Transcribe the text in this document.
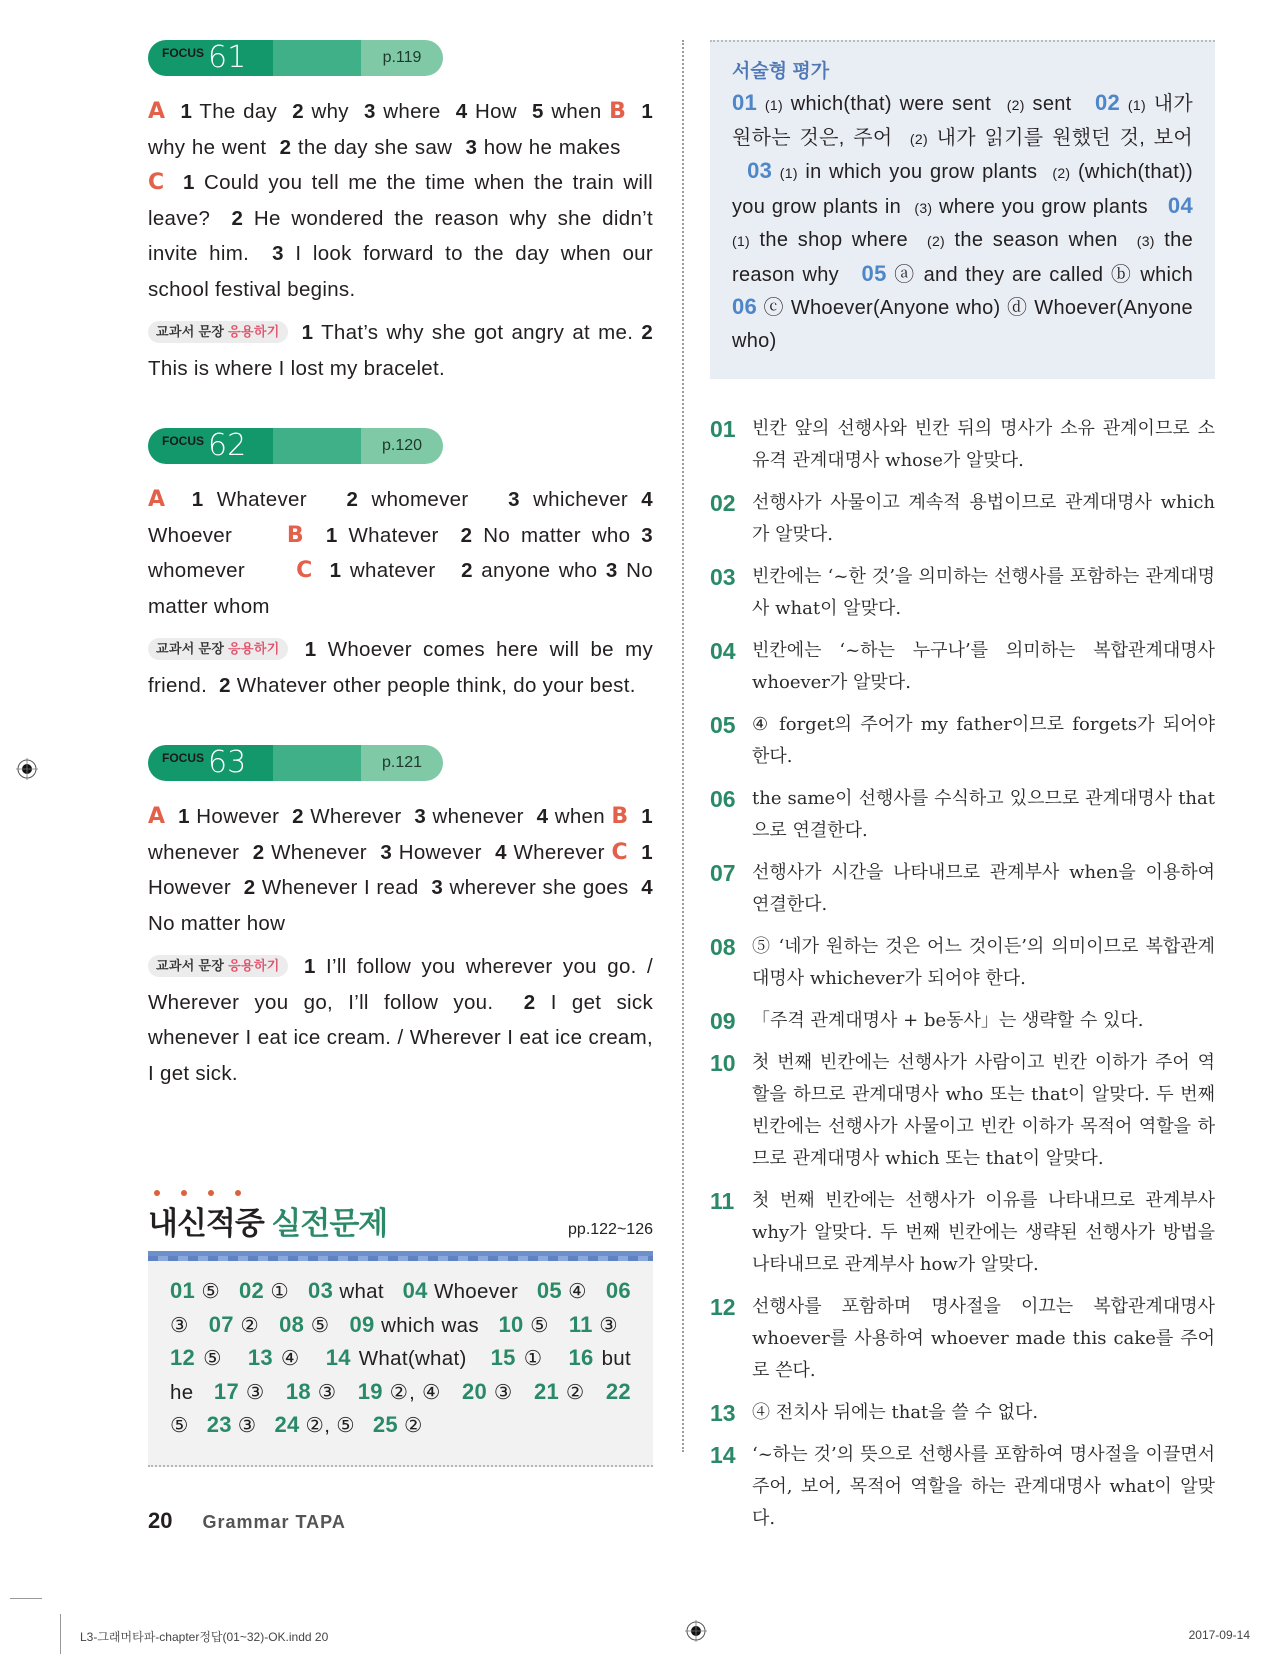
FOCUS 61	p.119
A 1 The day  2 why  3 where  4 How  5 when B 1 why he went  2 the day she saw  3 how he makes      C 1 Could you tell me the time when the train will leave?  2 He wondered the reason why she didn’t invite him.  3 I look forward to the day when our school festival begins.
교과서 문장 응용하기 1 That’s why she got angry at me. 2 This is where I lost my bracelet.
FOCUS 62	p.120
A 1 Whatever   2 whomever   3 whichever 4 Whoever     B 1 Whatever  2 No matter who 3 whomever      C 1 whatever   2 anyone who 3 No matter whom
교과서 문장 응용하기 1 Whoever comes here will be my friend.  2 Whatever other people think, do your best.
FOCUS 63	p.121
A 1 However  2 Wherever  3 whenever  4 when B 1 whenever  2 Whenever  3 However  4 Wherever C 1 However  2 Whenever I read  3 wherever she goes  4 No matter how
교과서 문장 응용하기 1 I’ll follow you wherever you go. / Wherever you go, I’ll follow you.  2 I get sick whenever I eat ice cream. / Wherever I eat ice cream, I get sick.
내신적중 실전문제	pp.122~126
01 ⑤ 02 ① 03 what 04 Whoever 05 ④ 06 ③ 07 ② 08 ⑤ 09 which was 10 ⑤ 11 ③   12 ⑤ 13 ④ 14 What(what) 15 ① 16 but he 17 ③ 18 ③ 19 ②, ④ 20 ③ 21 ② 22 ⑤ 23 ③ 24 ②, ⑤ 25 ②
서술형 평가
01 (1) which(that) were sent  (2) sent   02 (1) 내가 원하는 것은, 주어  (2) 내가 읽기를 원했던 것, 보어   03 (1) in which you grow plants  (2) (which(that)) you grow plants in  (3) where you grow plants   04 (1) the shop where  (2) the season when  (3) the reason why   05 ⓐ and they are called ⓑ which 06 ⓒ Whoever(Anyone who) ⓓ Whoever(Anyone who)
01 빈칸 앞의 선행사와 빈칸 뒤의 명사가 소유 관계이므로 소유격 관계대명사 whose가 알맞다.
02 선행사가 사물이고 계속적 용법이므로 관계대명사 which가 알맞다.
03 빈칸에는 ‘~한 것’을 의미하는 선행사를 포함하는 관계대명사 what이 알맞다.
04 빈칸에는 ‘~하는 누구나’를 의미하는 복합관계대명사 whoever가 알맞다.
05 ④ forget의 주어가 my father이므로 forgets가 되어야 한다.
06 the same이 선행사를 수식하고 있으므로 관계대명사 that으로 연결한다.
07 선행사가 시간을 나타내므로 관계부사 when을 이용하여 연결한다.
08 ⑤ ‘네가 원하는 것은 어느 것이든’의 의미이므로 복합관계대명사 whichever가 되어야 한다.
09 「주격 관계대명사 + be동사」는 생략할 수 있다.
10 첫 번째 빈칸에는 선행사가 사람이고 빈칸 이하가 주어 역할을 하므로 관계대명사 who 또는 that이 알맞다. 두 번째 빈칸에는 선행사가 사물이고 빈칸 이하가 목적어 역할을 하므로 관계대명사 which 또는 that이 알맞다.
11 첫 번째 빈칸에는 선행사가 이유를 나타내므로 관계부사 why가 알맞다. 두 번째 빈칸에는 생략된 선행사가 방법을 나타내므로 관계부사 how가 알맞다.
12 선행사를 포함하며 명사절을 이끄는 복합관계대명사 whoever를 사용하여 whoever made this cake를 주어로 쓴다.
13 ④ 전치사 뒤에는 that을 쓸 수 없다.
14 ‘~하는 것’의 뜻으로 선행사를 포함하여 명사절을 이끌면서 주어, 보어, 목적어 역할을 하는 관계대명사 what이 알맞다.
20 Grammar TAPA
L3-그래머타파-chapter정답(01~32)-OK.indd 20	2017-09-14
